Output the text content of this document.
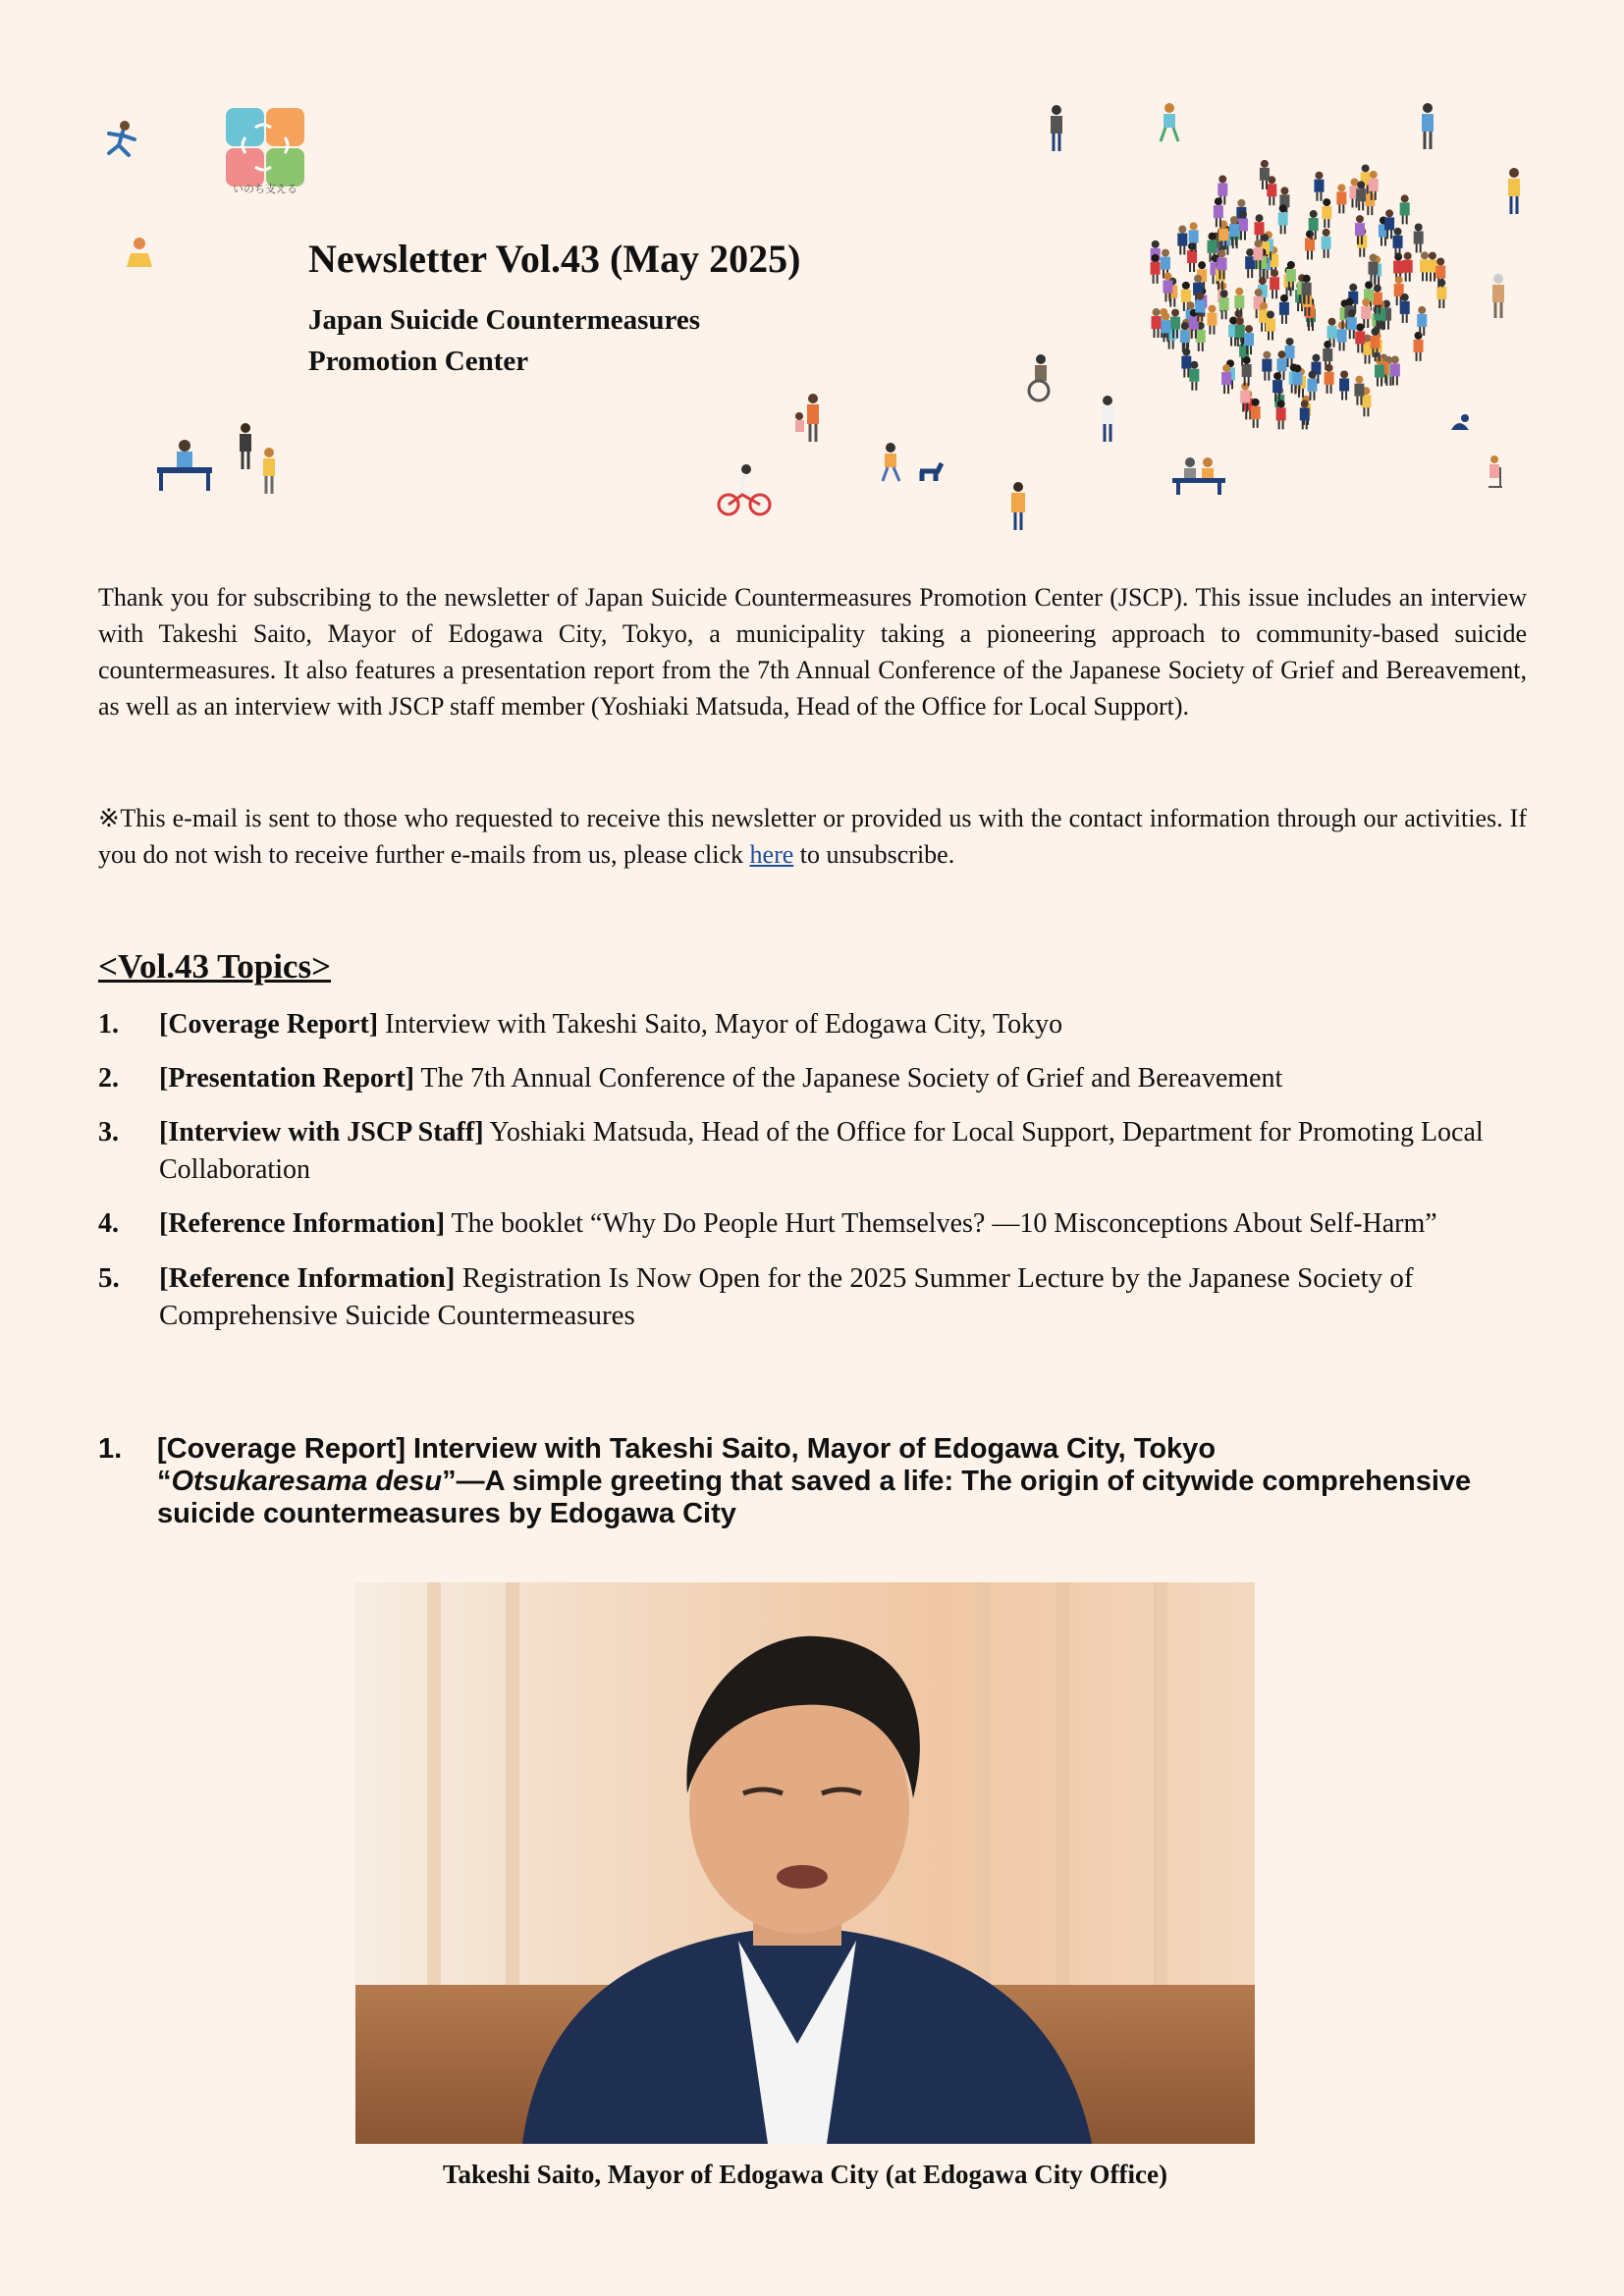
いのち支える
Newsletter Vol.43 (May 2025)
Japan Suicide Countermeasures
Promotion Center
Thank you for subscribing to the newsletter of Japan Suicide Countermeasures Promotion Center (JSCP). This issue includes an interview with Takeshi Saito, Mayor of Edogawa City, Tokyo, a municipality taking a pioneering approach to community-based suicide countermeasures. It also features a presentation report from the 7th Annual Conference of the Japanese Society of Grief and Bereavement, as well as an interview with JSCP staff member (Yoshiaki Matsuda, Head of the Office for Local Support).
※This e-mail is sent to those who requested to receive this newsletter or provided us with the contact information through our activities. If you do not wish to receive further e-mails from us, please click here to unsubscribe.
<Vol.43 Topics>
1. [Coverage Report] Interview with Takeshi Saito, Mayor of Edogawa City, Tokyo
2. [Presentation Report] The 7th Annual Conference of the Japanese Society of Grief and Bereavement
3. [Interview with JSCP Staff] Yoshiaki Matsuda, Head of the Office for Local Support, Department for Promoting Local Collaboration
4. [Reference Information] The booklet “Why Do People Hurt Themselves? —10 Misconceptions About Self-Harm”
5. [Reference Information] Registration Is Now Open for the 2025 Summer Lecture by the Japanese Society of Comprehensive Suicide Countermeasures
1. [Coverage Report] Interview with Takeshi Saito, Mayor of Edogawa City, Tokyo
“Otsukaresama desu”—A simple greeting that saved a life: The origin of citywide comprehensive suicide countermeasures by Edogawa City
Takeshi Saito, Mayor of Edogawa City (at Edogawa City Office)
